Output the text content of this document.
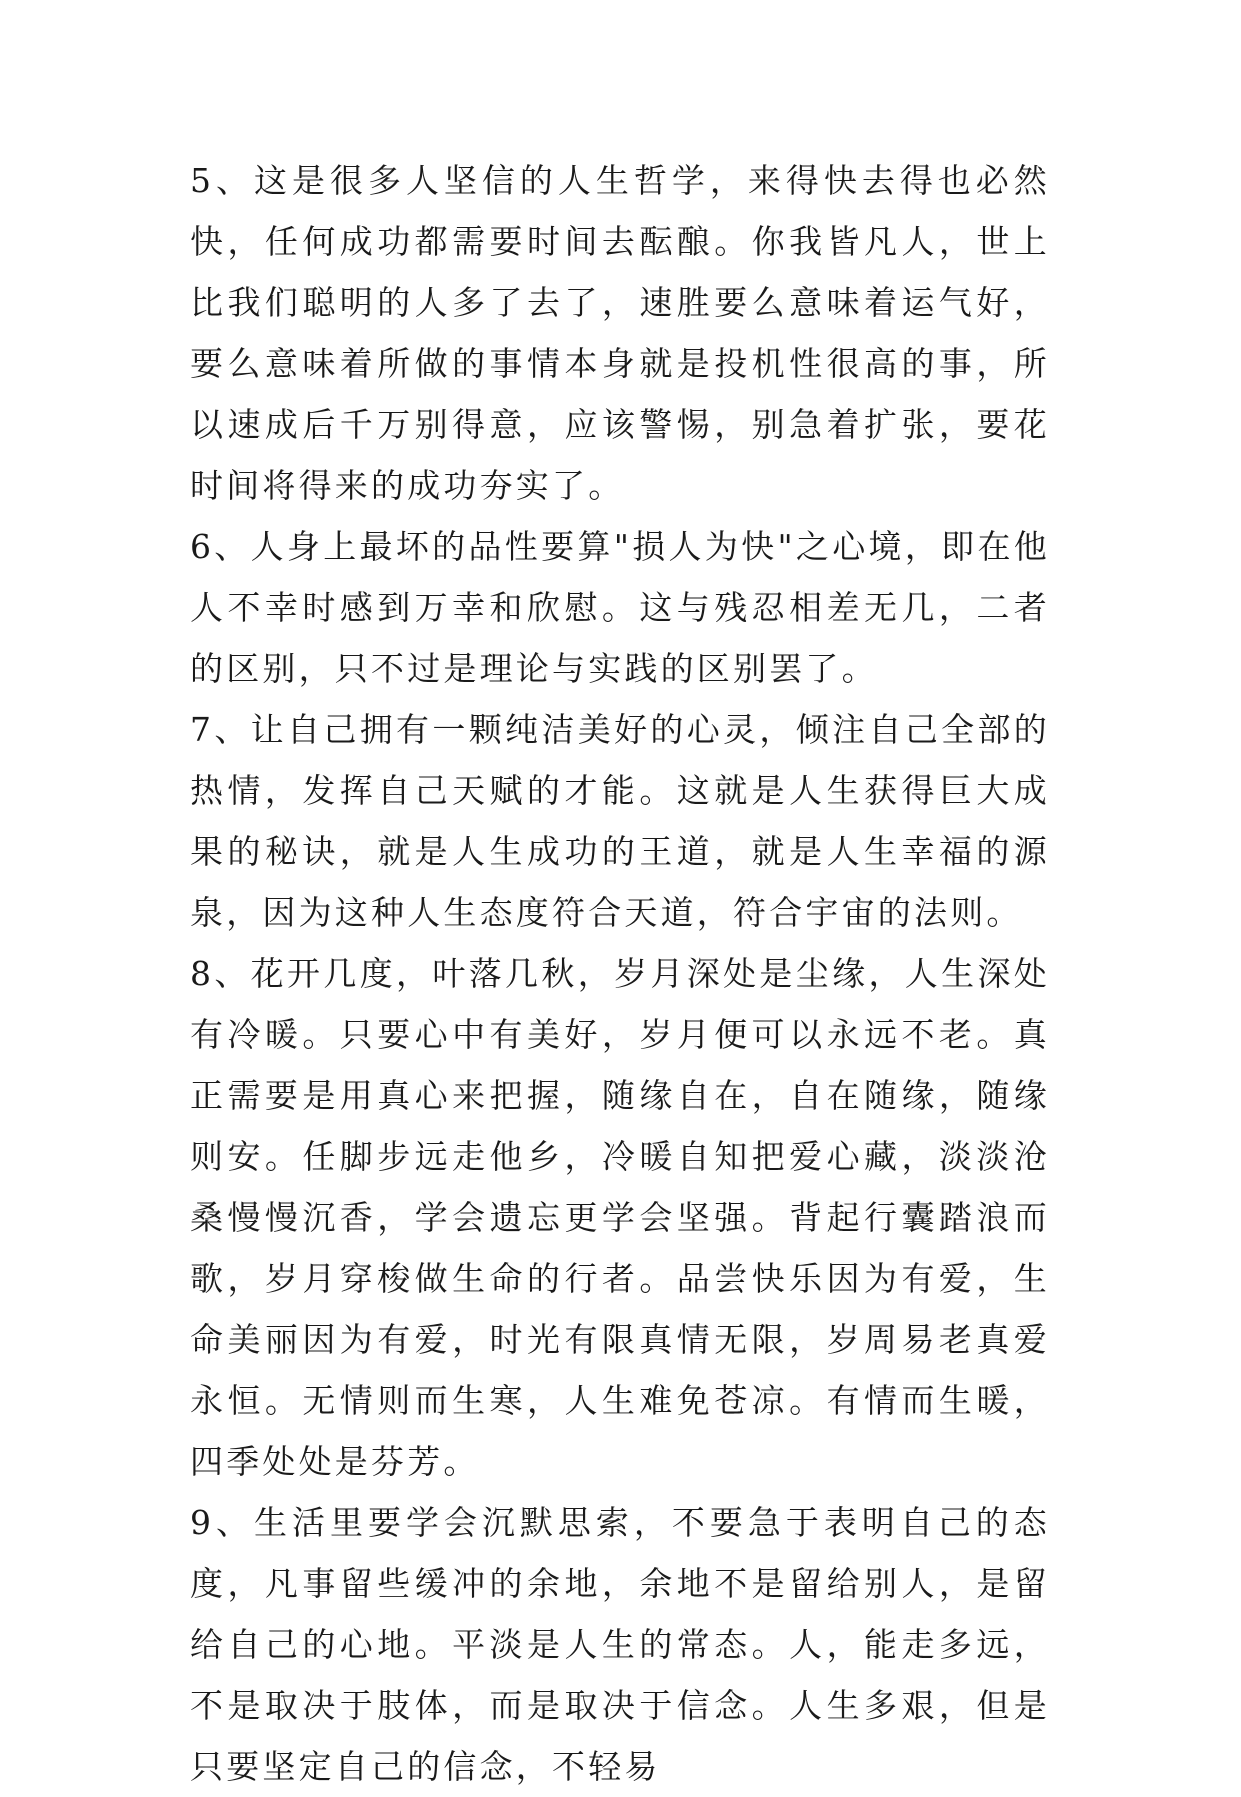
5、这是很多人坚信的人生哲学，来得快去得也必然快，任何成功都需要时间去酝酿。你我皆凡人，世上比我们聪明的人多了去了，速胜要么意味着运气好，要么意味着所做的事情本身就是投机性很高的事，所以速成后千万别得意，应该警惕，别急着扩张，要花时间将得来的成功夯实了。

6、人身上最坏的品性要算"损人为快"之心境，即在他人不幸时感到万幸和欣慰。这与残忍相差无几，二者的区别，只不过是理论与实践的区别罢了。

7、让自己拥有一颗纯洁美好的心灵，倾注自己全部的热情，发挥自己天赋的才能。这就是人生获得巨大成果的秘诀，就是人生成功的王道，就是人生幸福的源泉，因为这种人生态度符合天道，符合宇宙的法则。

8、花开几度，叶落几秋，岁月深处是尘缘，人生深处有冷暖。只要心中有美好，岁月便可以永远不老。真正需要是用真心来把握，随缘自在，自在随缘，随缘则安。任脚步远走他乡，冷暖自知把爱心藏，淡淡沧桑慢慢沉香，学会遗忘更学会坚强。背起行囊踏浪而歌，岁月穿梭做生命的行者。品尝快乐因为有爱，生命美丽因为有爱，时光有限真情无限，岁周易老真爱永恒。无情则而生寒，人生难免苍凉。有情而生暖，四季处处是芬芳。

9、生活里要学会沉默思索，不要急于表明自己的态度，凡事留些缓冲的余地，余地不是留给别人，是留给自己的心地。平淡是人生的常态。人，能走多远，不是取决于肢体，而是取决于信念。人生多艰，但是只要坚定自己的信念，不轻易
